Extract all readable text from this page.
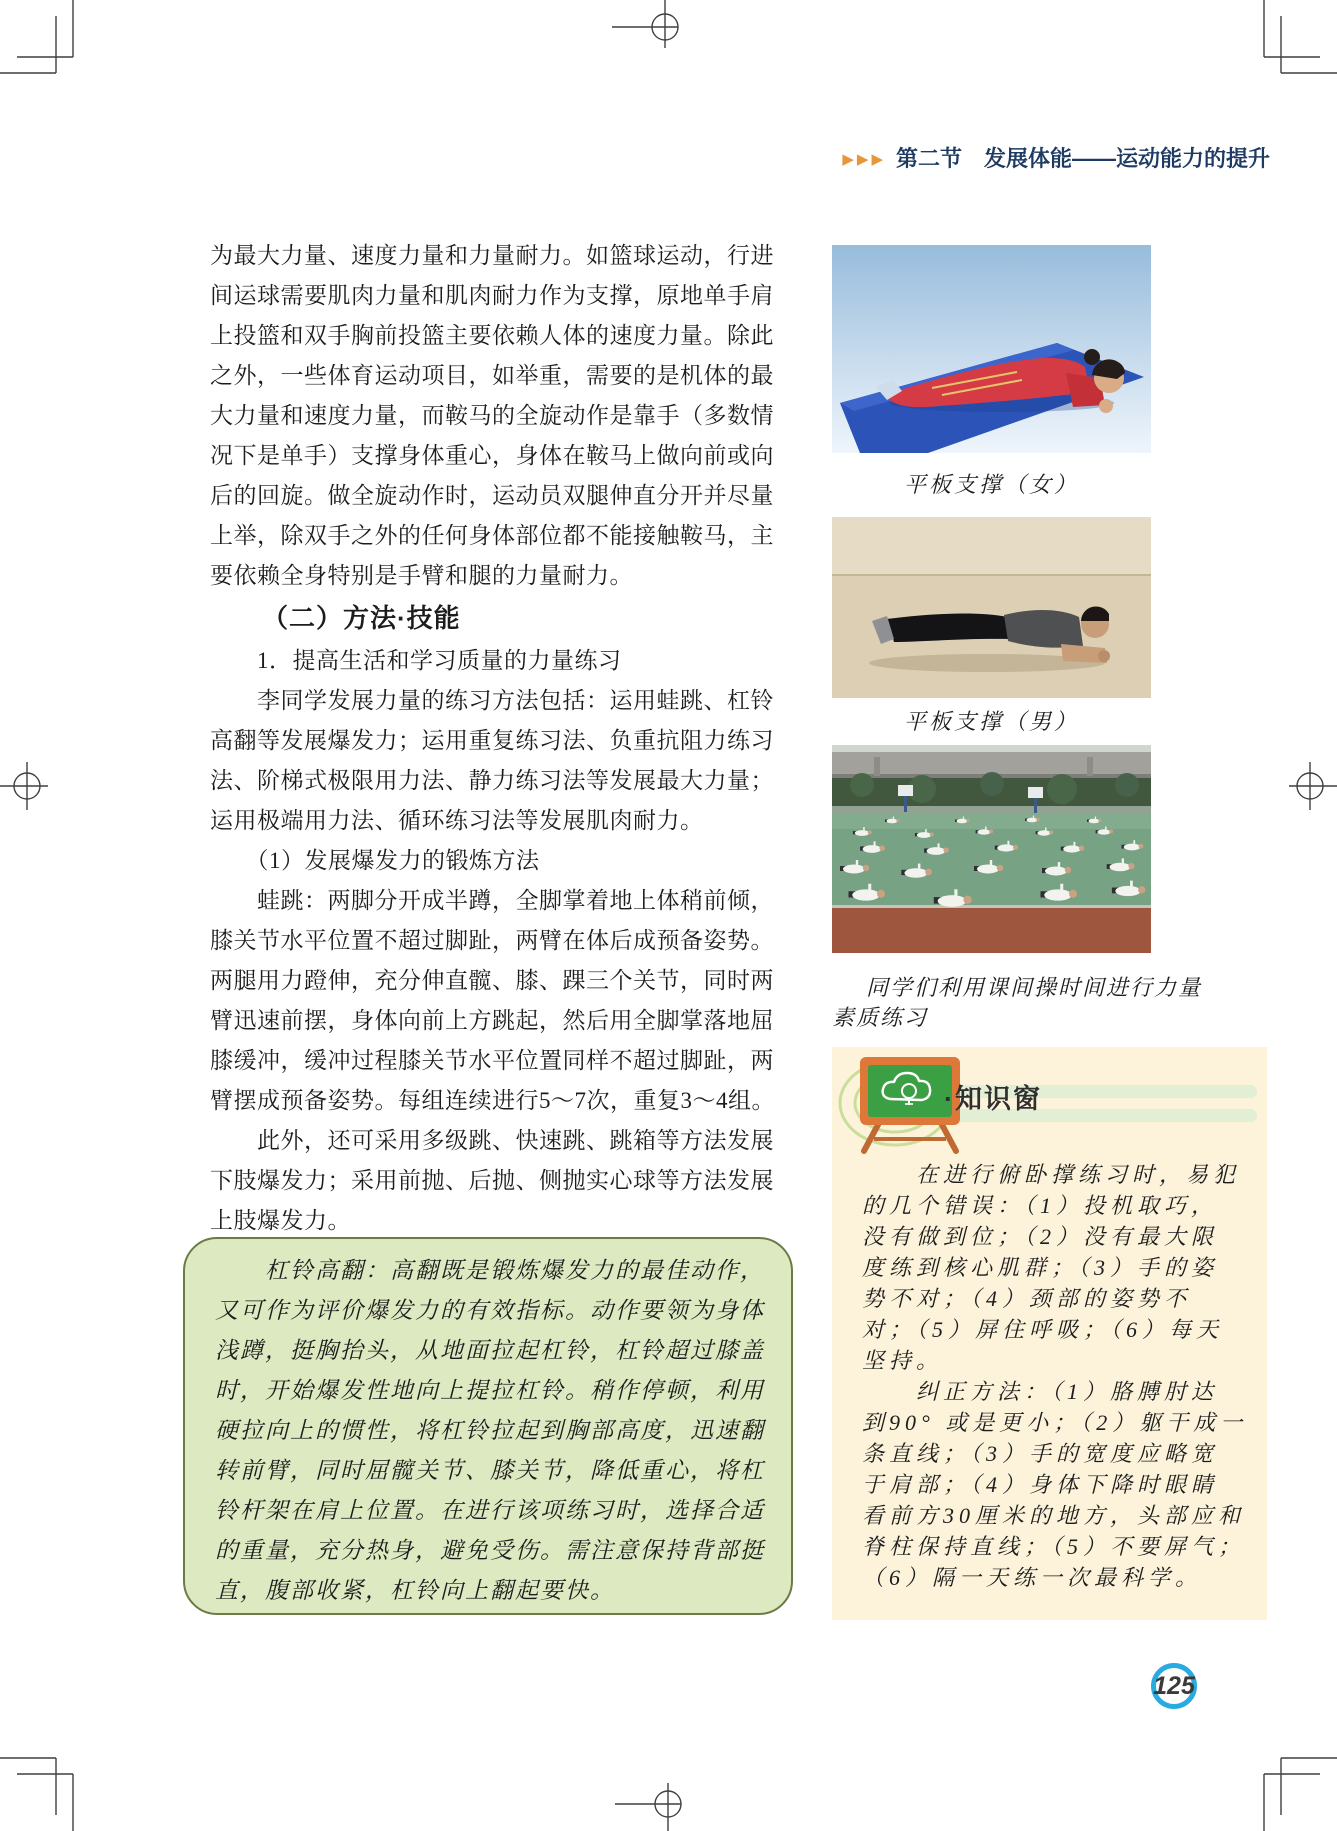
▶▶▶ 第二节　发展体能——运动能力的提升
为最大力量、速度力量和力量耐力。如篮球运动，行进
间运球需要肌肉力量和肌肉耐力作为支撑，原地单手肩
上投篮和双手胸前投篮主要依赖人体的速度力量。除此
之外，一些体育运动项目，如举重，需要的是机体的最
大力量和速度力量，而鞍马的全旋动作是靠手（多数情
况下是单手）支撑身体重心，身体在鞍马上做向前或向
后的回旋。做全旋动作时，运动员双腿伸直分开并尽量
上举，除双手之外的任何身体部位都不能接触鞍马，主
要依赖全身特别是手臂和腿的力量耐力。
（二）方法·技能
　　1．提高生活和学习质量的力量练习
　　李同学发展力量的练习方法包括：运用蛙跳、杠铃
高翻等发展爆发力；运用重复练习法、负重抗阻力练习
法、阶梯式极限用力法、静力练习法等发展最大力量；
运用极端用力法、循环练习法等发展肌肉耐力。
　　（1）发展爆发力的锻炼方法
　　蛙跳：两脚分开成半蹲，全脚掌着地上体稍前倾，
膝关节水平位置不超过脚趾，两臂在体后成预备姿势。
两腿用力蹬伸，充分伸直髋、膝、踝三个关节，同时两
臂迅速前摆，身体向前上方跳起，然后用全脚掌落地屈
膝缓冲，缓冲过程膝关节水平位置同样不超过脚趾，两
臂摆成预备姿势。每组连续进行5～7次，重复3～4组。
　　此外，还可采用多级跳、快速跳、跳箱等方法发展
下肢爆发力；采用前抛、后抛、侧抛实心球等方法发展
上肢爆发力。
平板支撑（女）
平板支撑（男）
同学们利用课间操时间进行力量
素质练习
　　杠铃高翻：高翻既是锻炼爆发力的最佳动作，
又可作为评价爆发力的有效指标。动作要领为身体
浅蹲，挺胸抬头，从地面拉起杠铃，杠铃超过膝盖
时，开始爆发性地向上提拉杠铃。稍作停顿，利用
硬拉向上的惯性，将杠铃拉起到胸部高度，迅速翻
转前臂，同时屈髋关节、膝关节，降低重心，将杠
铃杆架在肩上位置。在进行该项练习时，选择合适
的重量，充分热身，避免受伤。需注意保持背部挺
直，腹部收紧，杠铃向上翻起要快。
·知识窗
　　在进行俯卧撑练习时，易犯
的几个错误：（1）投机取巧，
没有做到位；（2）没有最大限
度练到核心肌群；（3）手的姿
势不对；（4）颈部的姿势不
对；（5）屏住呼吸；（6）每天
坚持。
　　纠正方法：（1）胳膊肘达
到90° 或是更小；（2）躯干成一
条直线；（3）手的宽度应略宽
于肩部；（4）身体下降时眼睛
看前方30厘米的地方，头部应和
脊柱保持直线；（5）不要屏气；
（6）隔一天练一次最科学。
125
